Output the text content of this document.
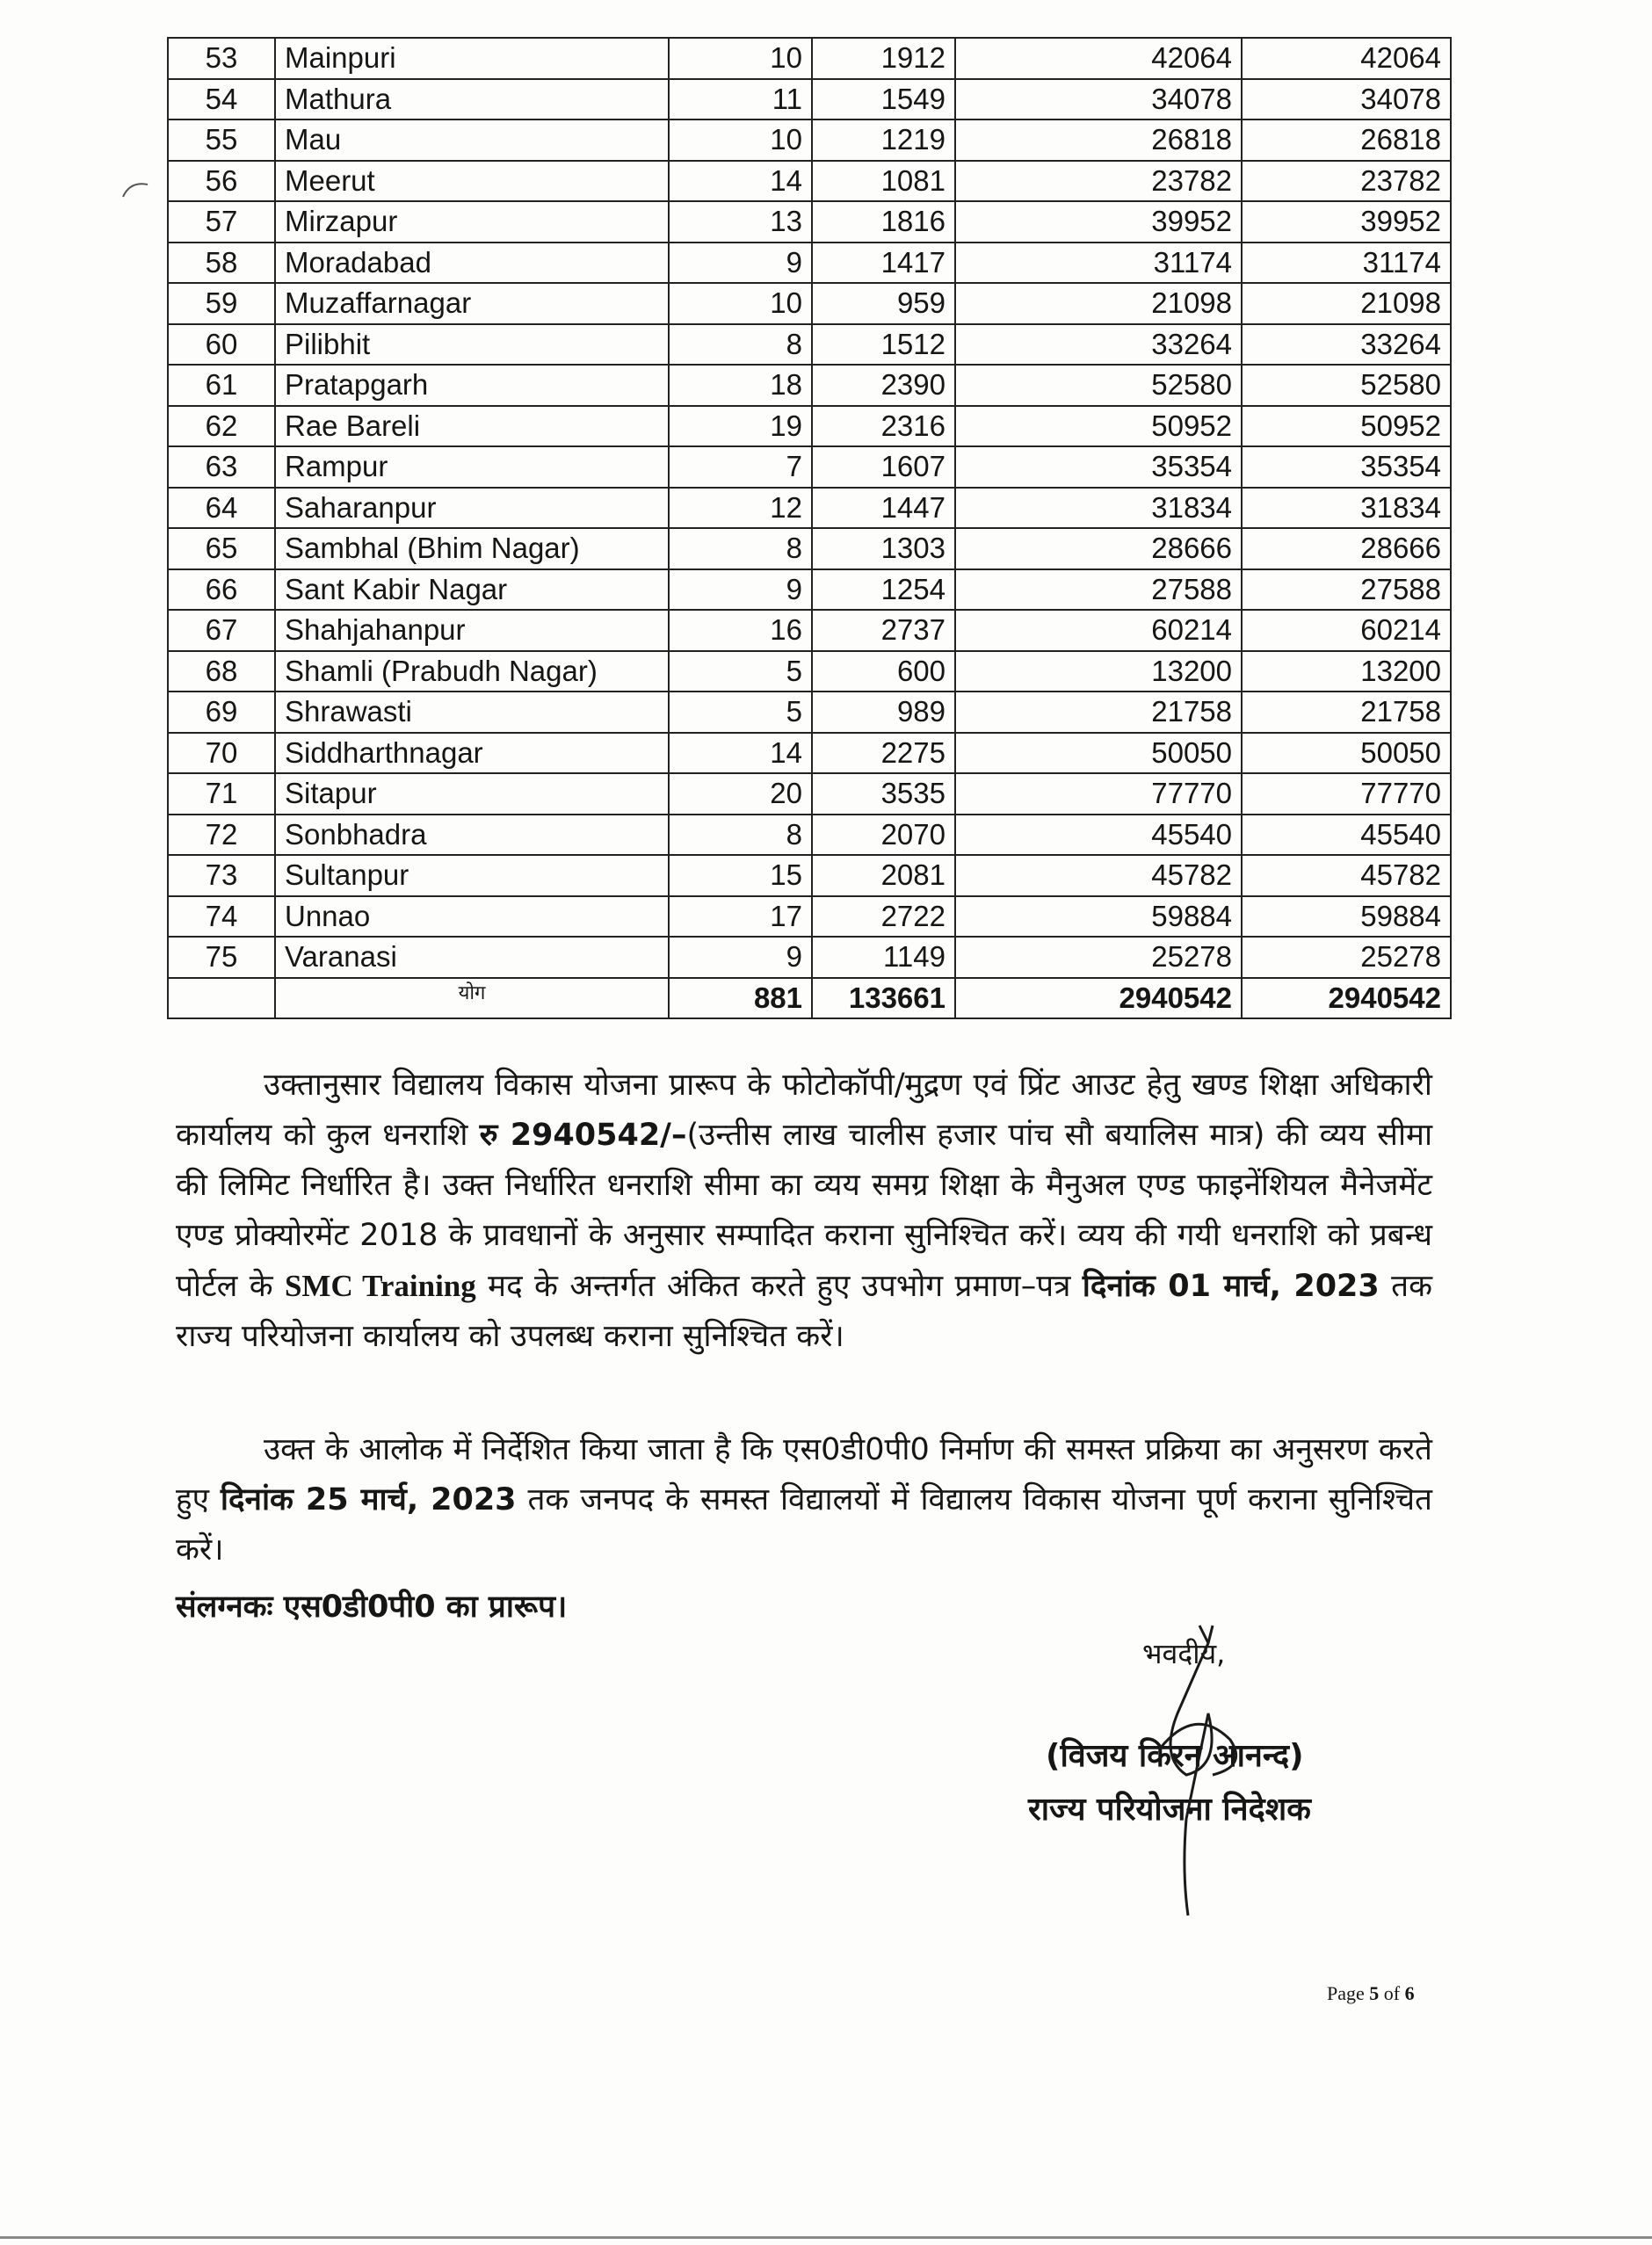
53	Mainpuri	10	1912	42064	42064
54	Mathura	11	1549	34078	34078
55	Mau	10	1219	26818	26818
56	Meerut	14	1081	23782	23782
57	Mirzapur	13	1816	39952	39952
58	Moradabad	9	1417	31174	31174
59	Muzaffarnagar	10	959	21098	21098
60	Pilibhit	8	1512	33264	33264
61	Pratapgarh	18	2390	52580	52580
62	Rae Bareli	19	2316	50952	50952
63	Rampur	7	1607	35354	35354
64	Saharanpur	12	1447	31834	31834
65	Sambhal (Bhim Nagar)	8	1303	28666	28666
66	Sant Kabir Nagar	9	1254	27588	27588
67	Shahjahanpur	16	2737	60214	60214
68	Shamli (Prabudh Nagar)	5	600	13200	13200
69	Shrawasti	5	989	21758	21758
70	Siddharthnagar	14	2275	50050	50050
71	Sitapur	20	3535	77770	77770
72	Sonbhadra	8	2070	45540	45540
73	Sultanpur	15	2081	45782	45782
74	Unnao	17	2722	59884	59884
75	Varanasi	9	1149	25278	25278
	योग	881	133661	2940542	2940542
उक्तानुसार विद्यालय विकास योजना प्रारूप के फोटोकॉपी/मुद्रण एवं प्रिंट आउट हेतु खण्ड शिक्षा अधिकारी कार्यालय को कुल धनराशि रु 2940542/–(उन्तीस लाख चालीस हजार पांच सौ बयालिस मात्र) की व्यय सीमा की लिमिट निर्धारित है। उक्त निर्धारित धनराशि सीमा का व्यय समग्र शिक्षा के मैनुअल एण्ड फाइनेंशियल मैनेजमेंट एण्ड प्रोक्योरमेंट 2018 के प्रावधानों के अनुसार सम्पादित कराना सुनिश्चित करें। व्यय की गयी धनराशि को प्रबन्ध पोर्टल के SMC Training मद के अन्तर्गत अंकित करते हुए उपभोग प्रमाण–पत्र दिनांक 01 मार्च, 2023 तक राज्य परियोजना कार्यालय को उपलब्ध कराना सुनिश्चित करें।
उक्त के आलोक में निर्देशित किया जाता है कि एस0डी0पी0 निर्माण की समस्त प्रक्रिया का अनुसरण करते हुए दिनांक 25 मार्च, 2023 तक जनपद के समस्त विद्यालयों में विद्यालय विकास योजना पूर्ण कराना सुनिश्चित करें।
संलग्नकः एस0डी0पी0 का प्रारूप।
भवदीय,
(विजय किरन आनन्द)
राज्य परियोजना निदेशक
Page 5 of 6
